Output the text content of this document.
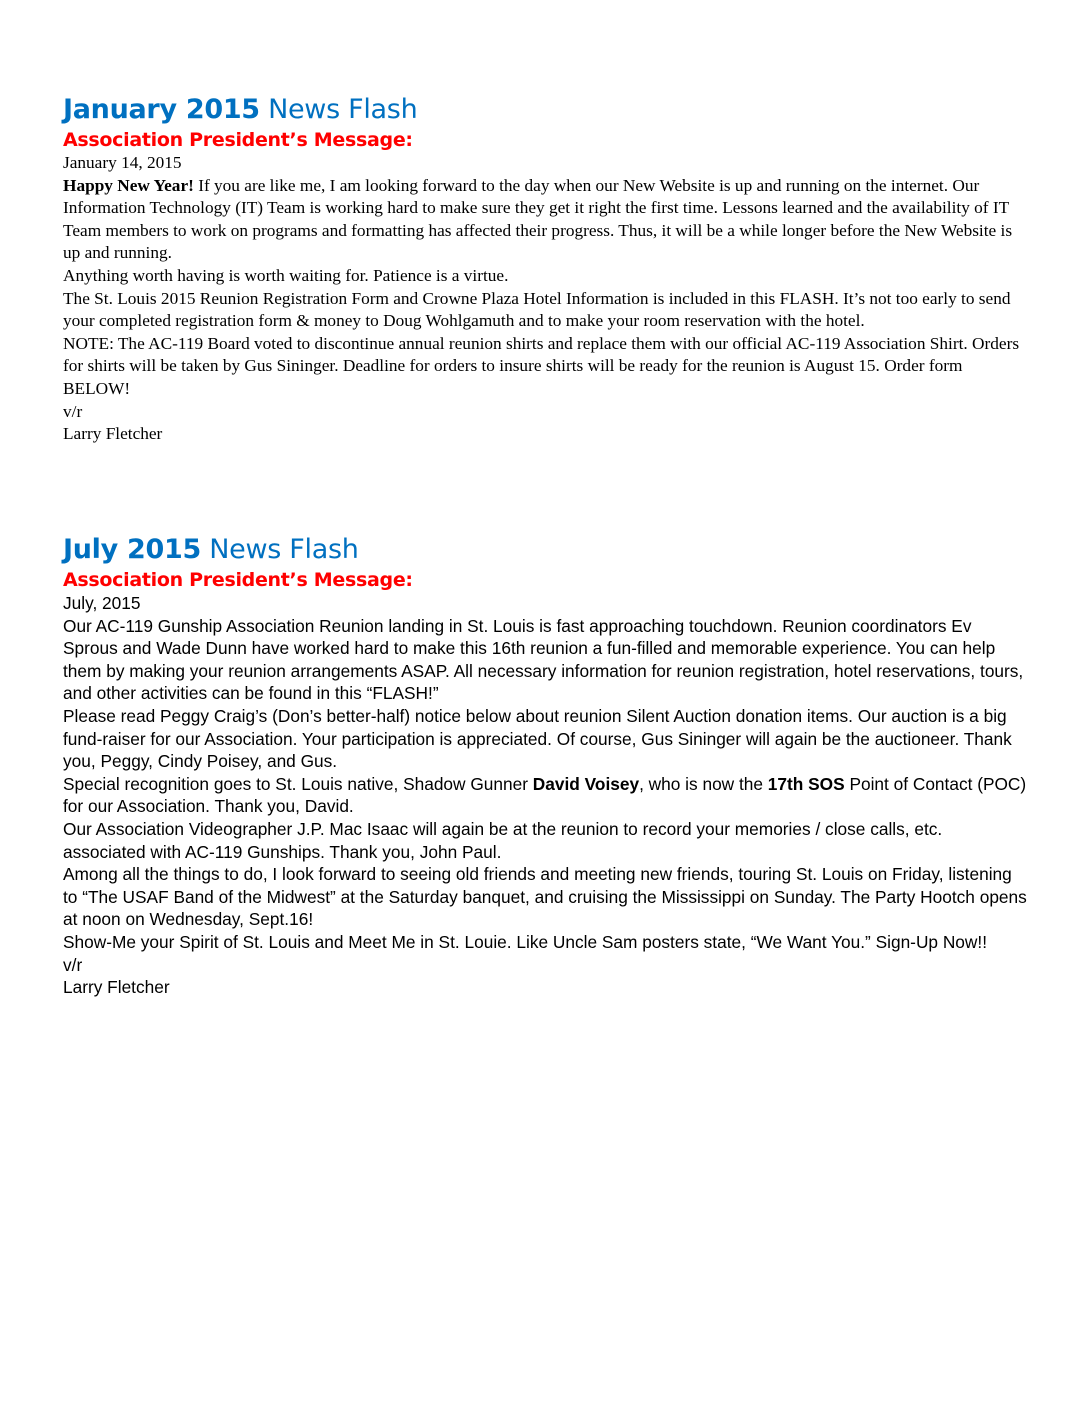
January 2015 News Flash
Association President’s Message:

January 14, 2015

Happy New Year! If you are like me, I am looking forward to the day when our New Website is up and running on the internet. Our Information Technology (IT) Team is working hard to make sure they get it right the first time. Lessons learned and the availability of IT Team members to work on programs and formatting has affected their progress. Thus, it will be a while longer before the New Website is up and running.

Anything worth having is worth waiting for. Patience is a virtue.

The St. Louis 2015 Reunion Registration Form and Crowne Plaza Hotel Information is included in this FLASH. It’s not too early to send your completed registration form & money to Doug Wohlgamuth and to make your room reservation with the hotel.

NOTE: The AC-119 Board voted to discontinue annual reunion shirts and replace them with our official AC-119 Association Shirt. Orders for shirts will be taken by Gus Sininger. Deadline for orders to insure shirts will be ready for the reunion is August 15. Order form BELOW!

v/r

Larry Fletcher

July 2015 News Flash
Association President’s Message:

July, 2015

Our AC-119 Gunship Association Reunion landing in St. Louis is fast approaching touchdown. Reunion coordinators Ev Sprous and Wade Dunn have worked hard to make this 16th reunion a fun-filled and memorable experience. You can help them by making your reunion arrangements ASAP. All necessary information for reunion registration, hotel reservations, tours, and other activities can be found in this “FLASH!”

Please read Peggy Craig’s (Don’s better-half) notice below about reunion Silent Auction donation items. Our auction is a big fund-raiser for our Association. Your participation is appreciated. Of course, Gus Sininger will again be the auctioneer. Thank you, Peggy, Cindy Poisey, and Gus.

Special recognition goes to St. Louis native, Shadow Gunner David Voisey, who is now the 17th SOS Point of Contact (POC) for our Association. Thank you, David.

Our Association Videographer J.P. Mac Isaac will again be at the reunion to record your memories / close calls, etc. associated with AC-119 Gunships. Thank you, John Paul.

Among all the things to do, I look forward to seeing old friends and meeting new friends, touring St. Louis on Friday, listening to “The USAF Band of the Midwest” at the Saturday banquet, and cruising the Mississippi on Sunday. The Party Hootch opens at noon on Wednesday, Sept.16!

Show-Me your Spirit of St. Louis and Meet Me in St. Louie. Like Uncle Sam posters state, “We Want You.” Sign-Up Now!!

v/r

Larry Fletcher
